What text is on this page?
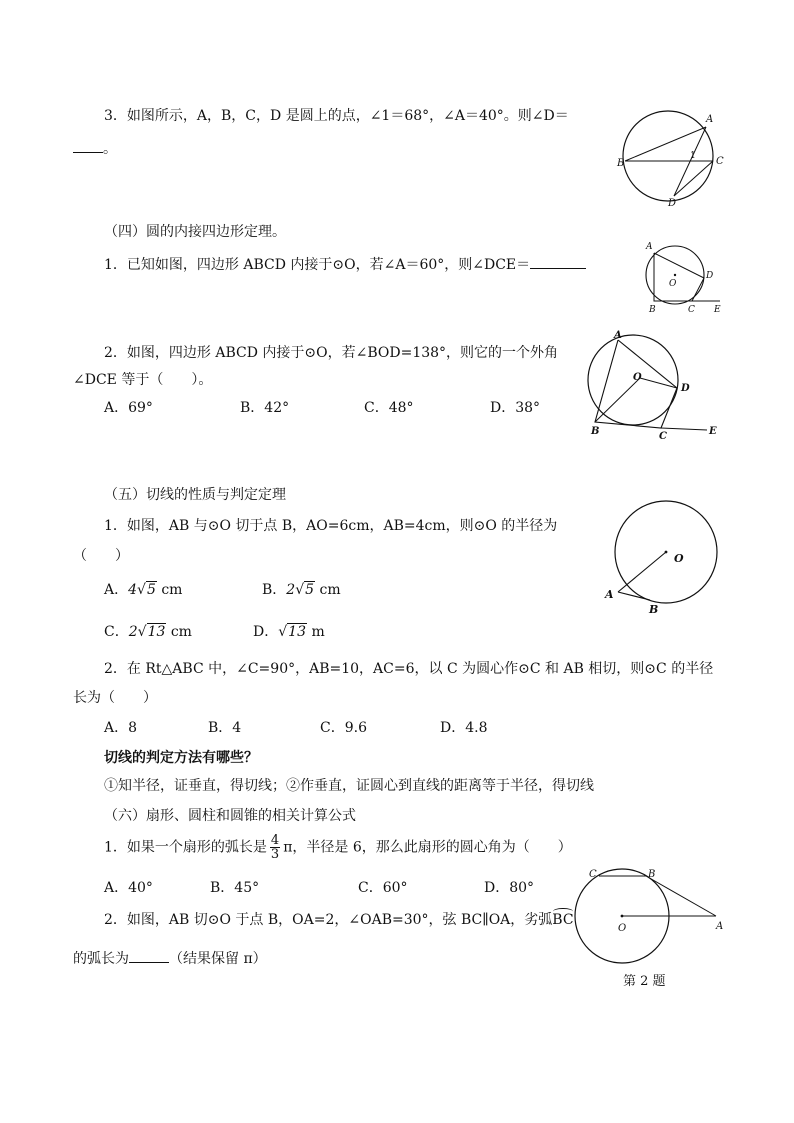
3．如图所示，A，B，C，D 是圆上的点，∠1＝68°，∠A＝40°。则∠D＝
。
A
B	C
D
1
（四）圆的内接四边形定理。
1．已知如图，四边形 ABCD 内接于⊙O，若∠A＝60°，则∠DCE＝
A
O
D
B	C E
2．如图，四边形 ABCD 内接于⊙O，若∠BOD=138°，则它的一个外角
∠DCE 等于（　　）。
A．69°	B．42°	C．48°	D．38°
A
O
D
B	C	E
（五）切线的性质与判定定理
1．如图，AB 与⊙O 切于点 B，AO=6cm，AB=4cm，则⊙O 的半径为
（　　）
A．4√5 cm	B．2√5 cm
C．2√13 cm	D．√13 m
O
A
B
2．在 Rt△ABC 中，∠C=90°，AB=10，AC=6，以 C 为圆心作⊙C 和 AB 相切，则⊙C 的半径
长为（　　）
A．8	B．4	C．9.6	D．4.8
切线的判定方法有哪些？
①知半径，证垂直，得切线；②作垂直，证圆心到直线的距离等于半径，得切线
（六）扇形、圆柱和圆锥的相关计算公式
1．如果一个扇形的弧长是 $\frac{4}{3}$ π，半径是 6，那么此扇形的圆心角为（　　）
A．40°	B．45°	C．60°	D．80°
2．如图，AB 切⊙O 于点 B，OA=2，∠OAB=30°，弦 BC∥OA，劣弧BC
的弧长为	（结果保留 π）
C	B
O	A
第 2 题
